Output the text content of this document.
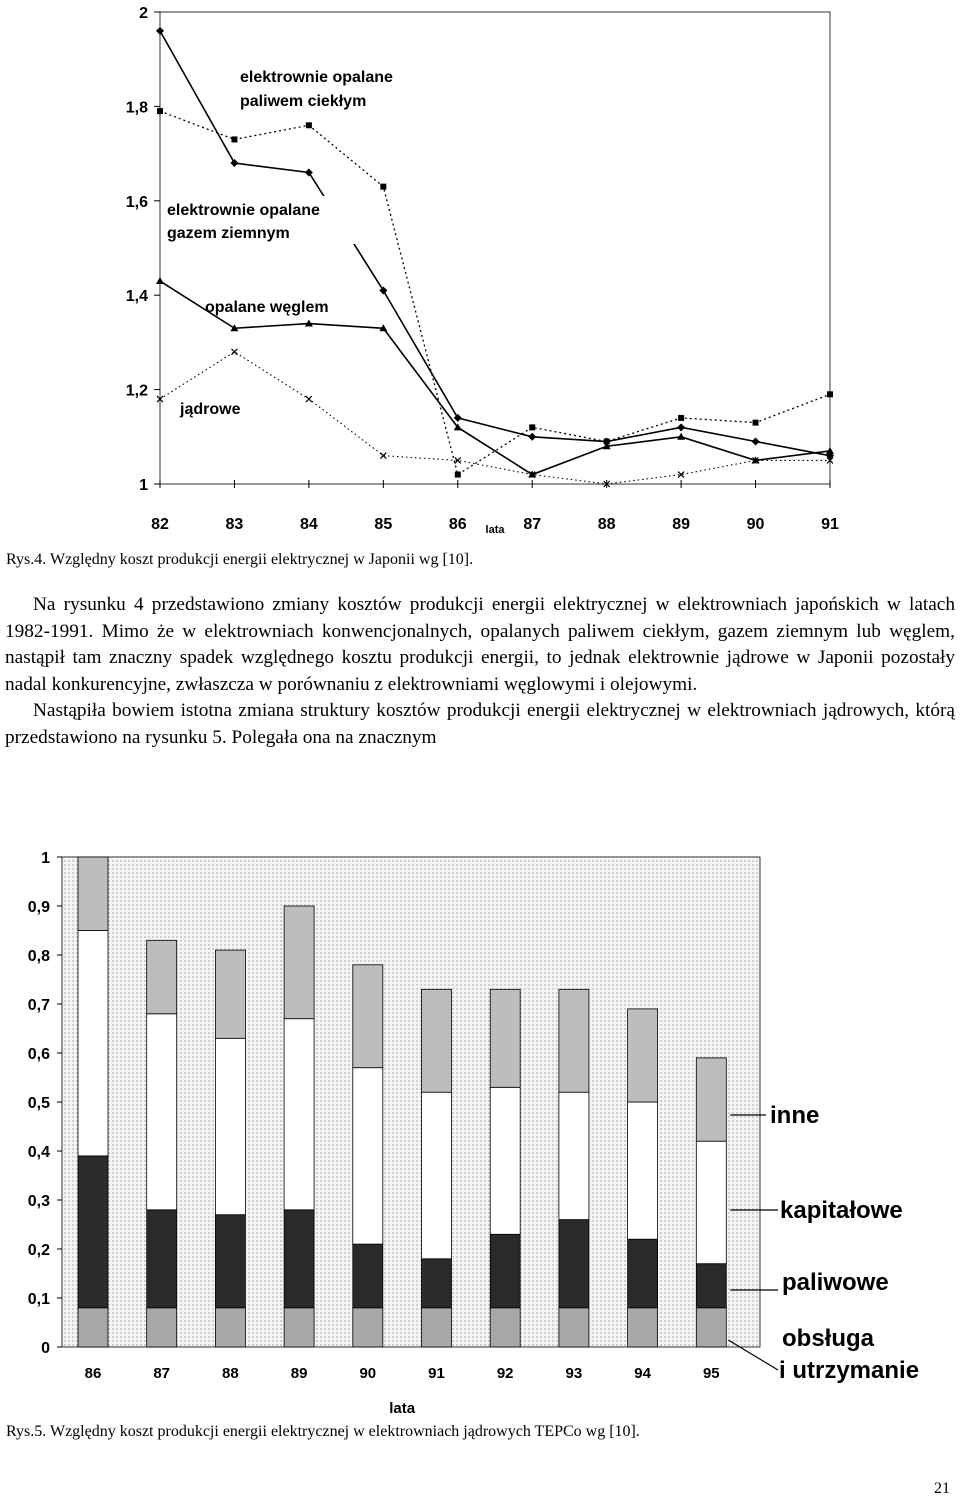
1
1,2
1,4
1,6
1,8
2
82	83	84	85	86	87	88	89	90	91
lata
elektrownie opalane
paliwem ciekłym
elektrownie opalane
gazem ziemnym
opalane węglem
jądrowe
Rys.4. Względny koszt produkcji energii elektrycznej w Japonii wg [10].

Na rysunku 4 przedstawiono zmiany kosztów produkcji energii elektrycznej w elektrowniach japońskich w latach 1982-1991. Mimo że w elektrowniach konwencjonalnych, opalanych paliwem ciekłym, gazem ziemnym lub węglem, nastąpił tam znaczny spadek względnego kosztu produkcji energii, to jednak elektrownie jądrowe w Japonii pozostały nadal konkurencyjne, zwłaszcza w porównaniu z elektrowniami węglowymi i olejowymi.

Nastąpiła bowiem istotna zmiana struktury kosztów produkcji energii elektrycznej w elektrowniach jądrowych, którą przedstawiono na rysunku 5. Polegała ona na znacznym

0
0,1
0,2
0,3
0,4
0,5
0,6
0,7
0,8
0,9
1
86	87	88	89	90	91	92	93	94	95
lata
inne
kapitałowe
paliwowe
obsługa
i utrzymanie
Rys.5. Względny koszt produkcji energii elektrycznej w elektrowniach jądrowych TEPCo wg [10].
21
